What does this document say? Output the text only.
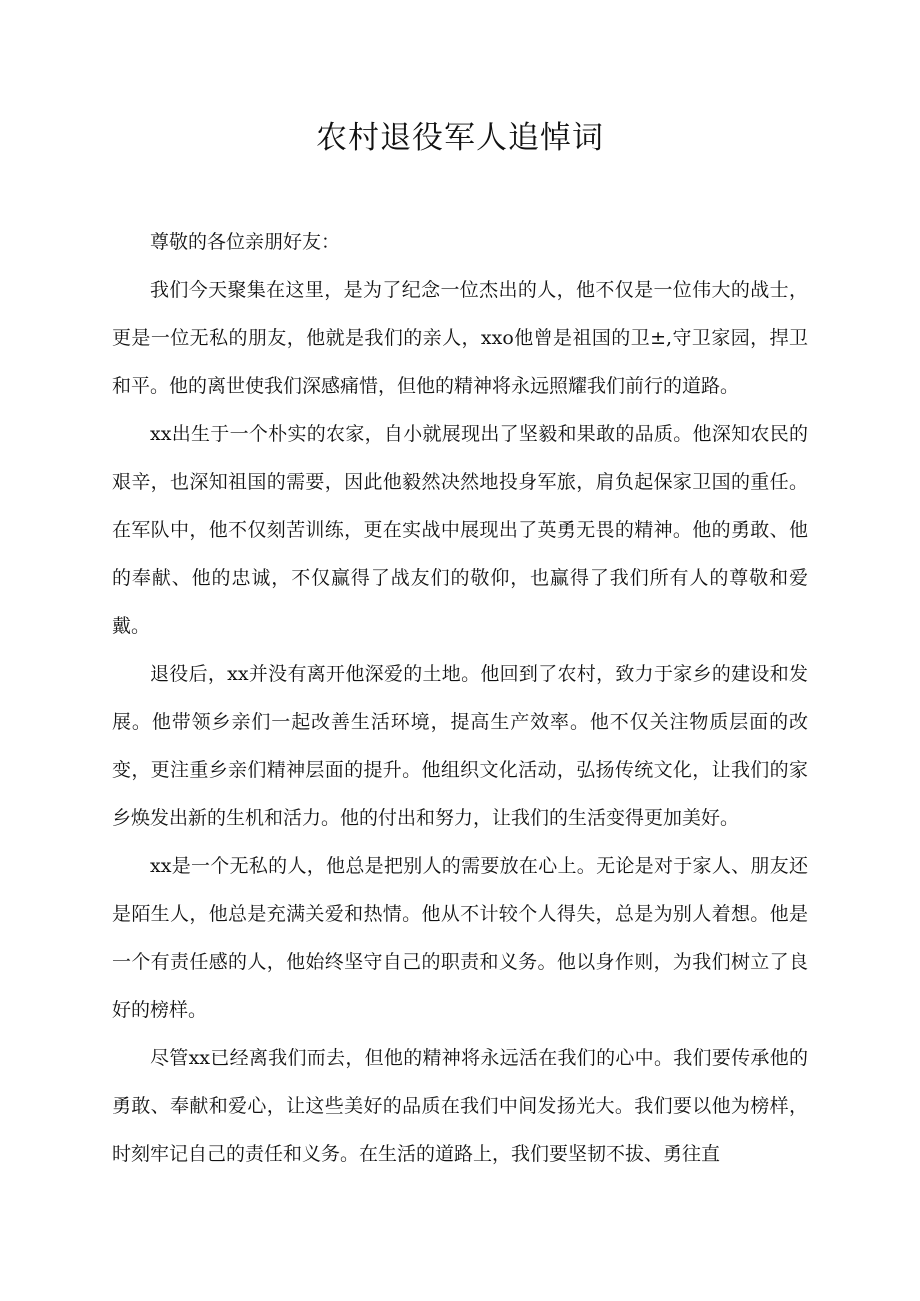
农村退役军人追悼词

尊敬的各位亲朋好友：

我们今天聚集在这里，是为了纪念一位杰出的人，他不仅是一位伟大的战士，更是一位无私的朋友，他就是我们的亲人，xxo他曾是祖国的卫±,守卫家园，捍卫和平。他的离世使我们深感痛惜，但他的精神将永远照耀我们前行的道路。

xx出生于一个朴实的农家，自小就展现出了坚毅和果敢的品质。他深知农民的艰辛，也深知祖国的需要，因此他毅然决然地投身军旅，肩负起保家卫国的重任。在军队中，他不仅刻苦训练，更在实战中展现出了英勇无畏的精神。他的勇敢、他的奉献、他的忠诚，不仅赢得了战友们的敬仰，也赢得了我们所有人的尊敬和爱戴。

退役后，xx并没有离开他深爱的土地。他回到了农村，致力于家乡的建设和发展。他带领乡亲们一起改善生活环境，提高生产效率。他不仅关注物质层面的改变，更注重乡亲们精神层面的提升。他组织文化活动，弘扬传统文化，让我们的家乡焕发出新的生机和活力。他的付出和努力，让我们的生活变得更加美好。

xx是一个无私的人，他总是把别人的需要放在心上。无论是对于家人、朋友还是陌生人，他总是充满关爱和热情。他从不计较个人得失，总是为别人着想。他是一个有责任感的人，他始终坚守自己的职责和义务。他以身作则，为我们树立了良好的榜样。

尽管xx已经离我们而去，但他的精神将永远活在我们的心中。我们要传承他的勇敢、奉献和爱心，让这些美好的品质在我们中间发扬光大。我们要以他为榜样，时刻牢记自己的责任和义务。在生活的道路上，我们要坚韧不拔、勇往直
